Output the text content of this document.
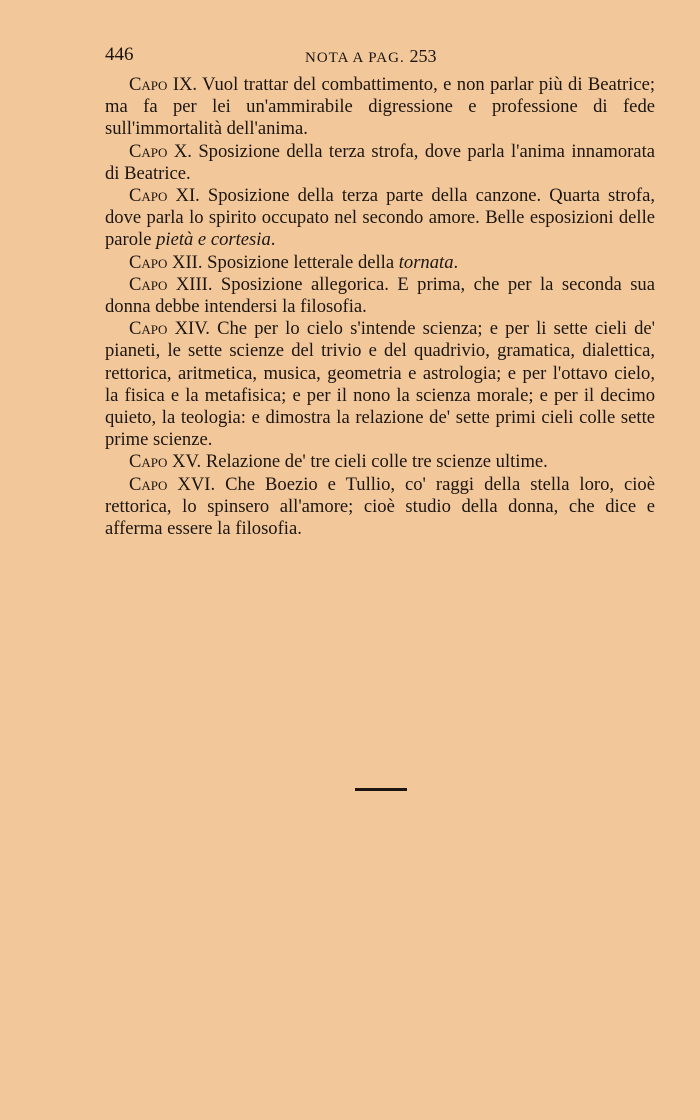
446	NOTA A PAG. 253

Capo IX. Vuol trattar del combattimento, e non parlar più di Beatrice; ma fa per lei un'ammirabile digressione e professione di fede sull'immortalità dell'anima.

Capo X. Sposizione della terza strofa, dove parla l'anima innamorata di Beatrice.

Capo XI. Sposizione della terza parte della canzone. Quarta strofa, dove parla lo spirito occupato nel secondo amore. Belle esposizioni delle parole pietà e cortesia.

Capo XII. Sposizione letterale della tornata.

Capo XIII. Sposizione allegorica. E prima, che per la seconda sua donna debbe intendersi la filosofia.

Capo XIV. Che per lo cielo s'intende scienza; e per li sette cieli de' pianeti, le sette scienze del trivio e del quadrivio, gramatica, dialettica, rettorica, aritmetica, musica, geometria e astrologia; e per l'ottavo cielo, la fisica e la metafisica; e per il nono la scienza morale; e per il decimo quieto, la teologia: e dimostra la relazione de' sette primi cieli colle sette prime scienze.

Capo XV. Relazione de' tre cieli colle tre scienze ultime.

Capo XVI. Che Boezio e Tullio, co' raggi della stella loro, cioè rettorica, lo spinsero all'amore; cioè studio della donna, che dice e afferma essere la filosofia.
